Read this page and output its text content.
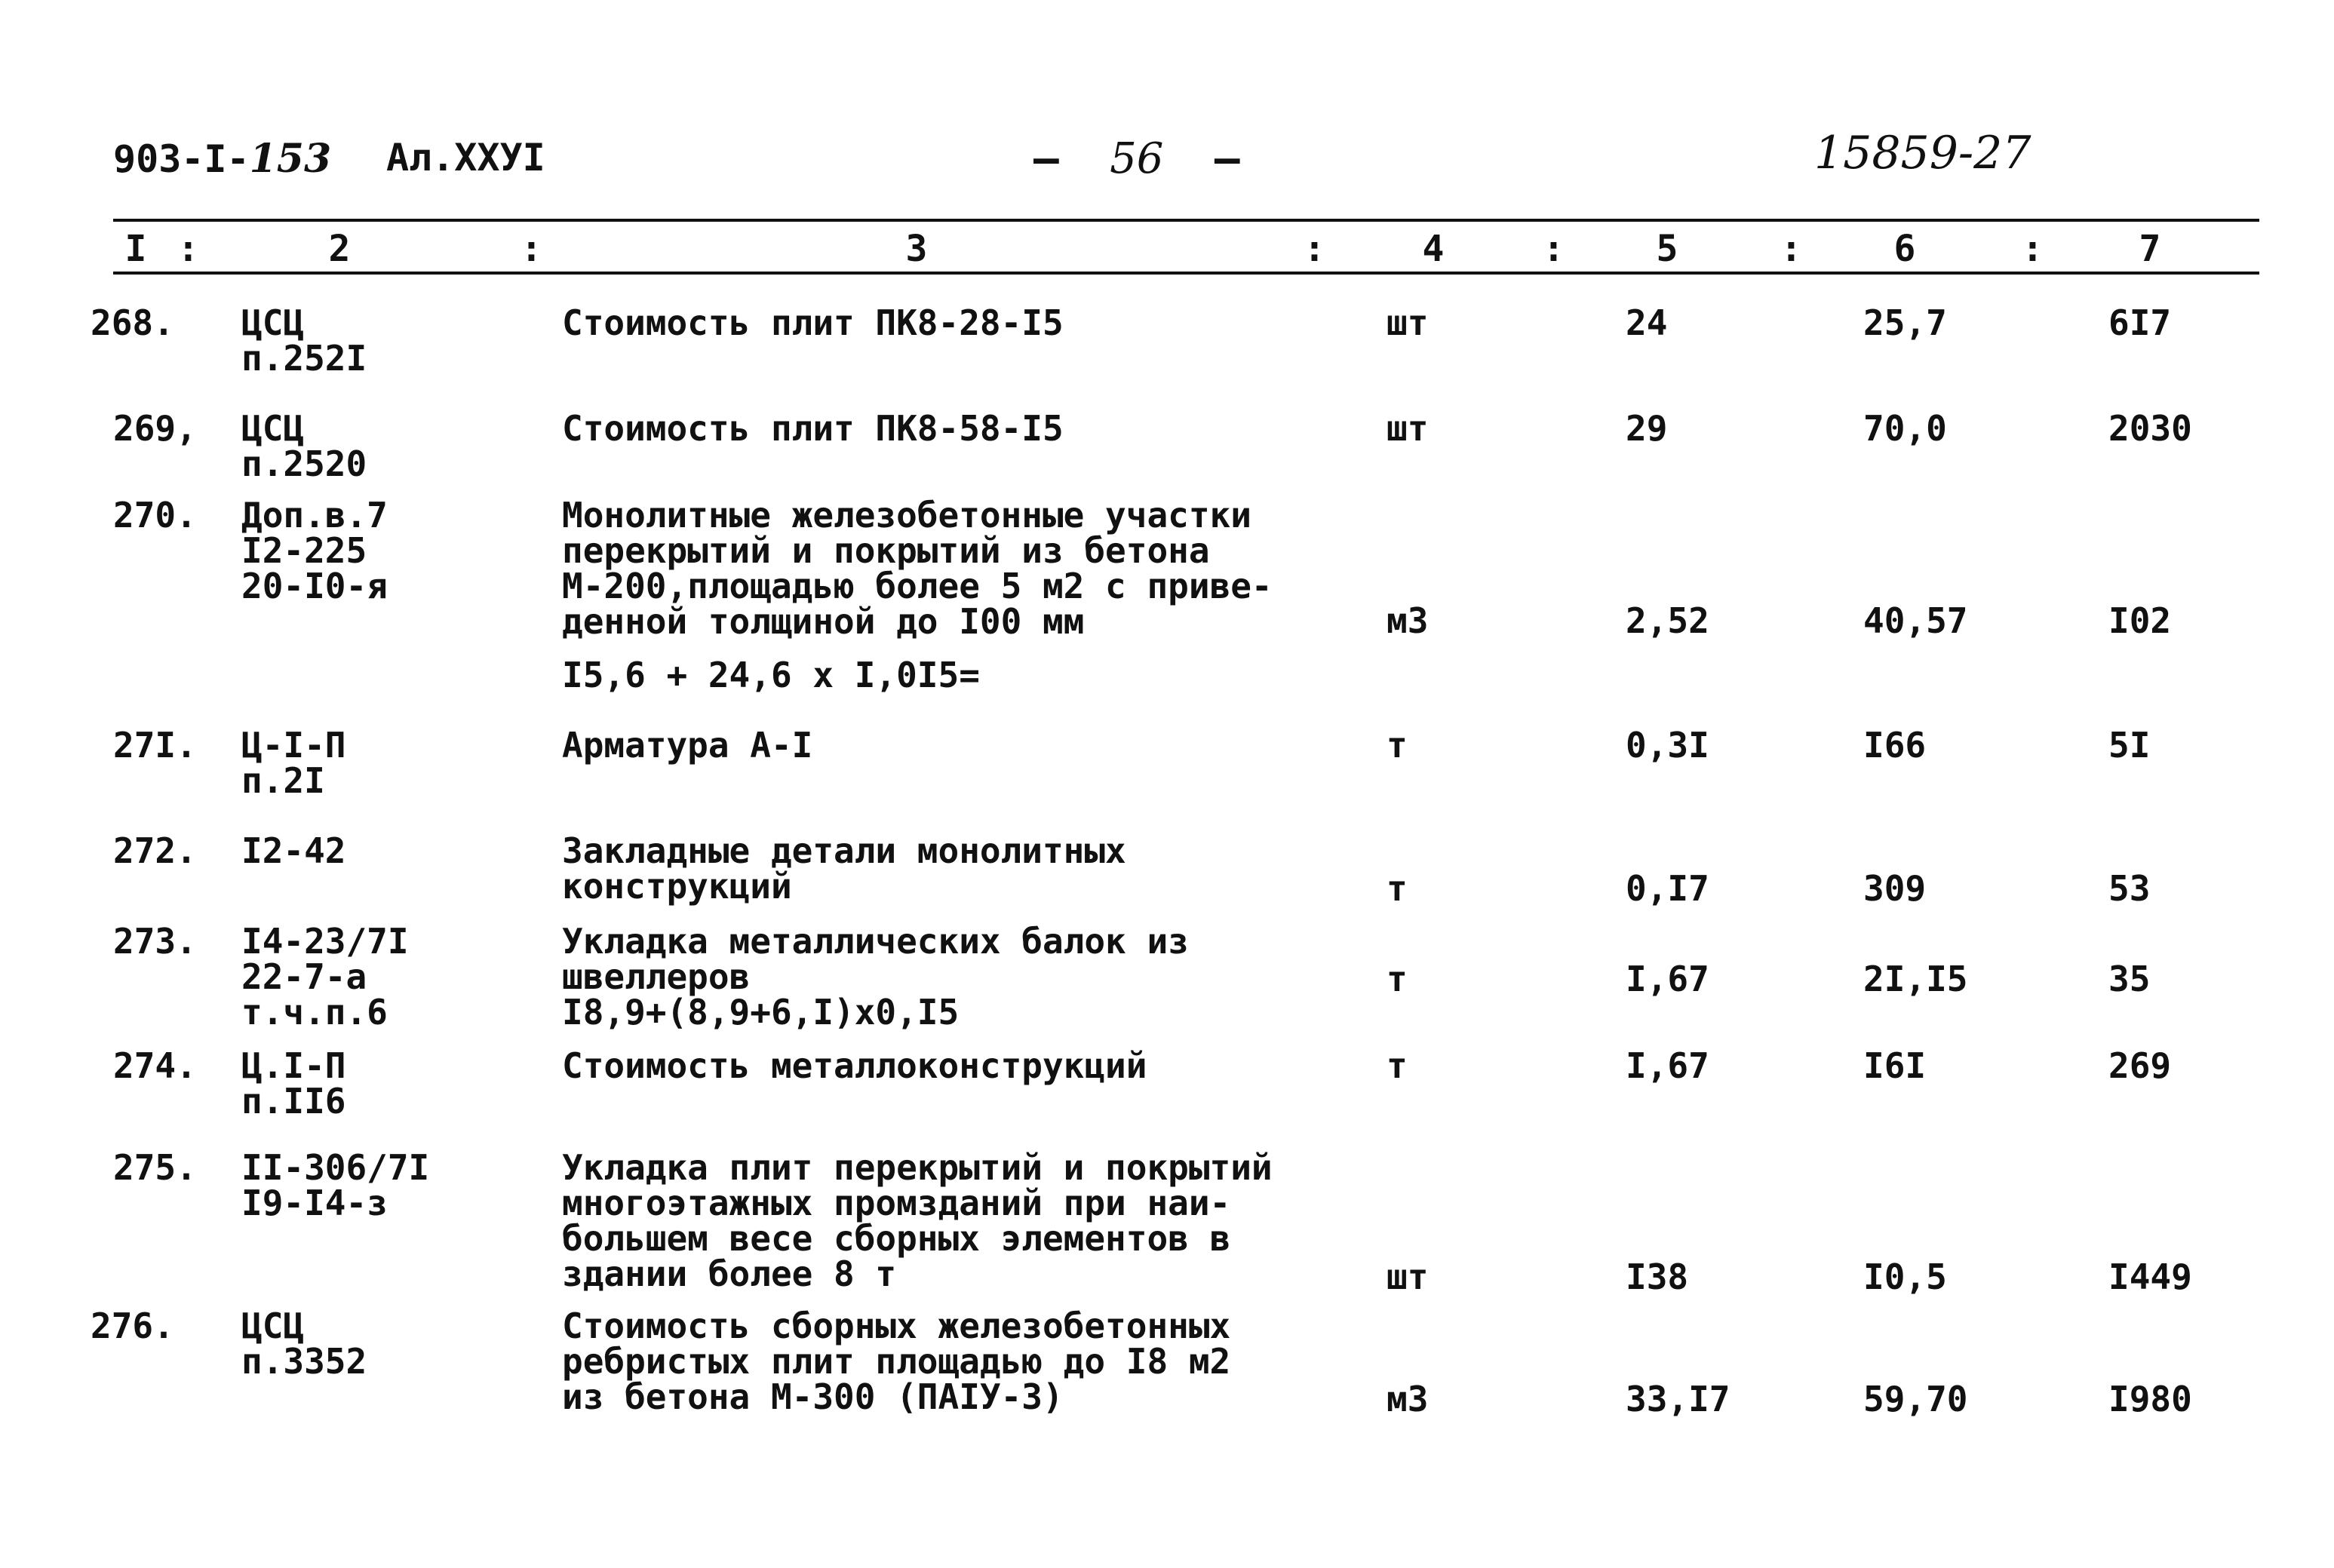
903-I-153 Ал.XXУI	–  56  –	15859-27
I :	2	:	3	:	4	:	5	:	6	:	7
268. ЦСЦ
п.252I
Стоимость плит ПК8-28-I5	шт	24	25,7	6I7
269, ЦСЦ
п.2520
Стоимость плит ПК8-58-I5	шт	29	70,0	2030
270. Доп.в.7
I2-225
20-I0-я
Монолитные железобетонные участки
перекрытий и покрытий из бетона
М-200,площадью более 5 м2 с приве-
денной толщиной до I00 мм
I5,6 + 24,6 х I,0I5=
м3	2,52	40,57	I02
27I. Ц-I-П
п.2I
Арматура А-I	т	0,3I	I66	5I
272. I2-42	Закладные детали монолитных
конструкций	т	0,I7	309	53
273. I4-23/7I
22-7-а
т.ч.п.6
Укладка металлических балок из
швеллеров
I8,9+(8,9+6,I)х0,I5
т	I,67	2I,I5	35
274. Ц.I-П
п.II6
Стоимость металлоконструкций	т	I,67	I6I	269
275. II-306/7I
I9-I4-з
Укладка плит перекрытий и покрытий
многоэтажных промзданий при наи-
большем весе сборных элементов в
здании более 8 т	шт	I38	I0,5	I449
276. ЦСЦ
п.3352
Стоимость сборных железобетонных
ребристых плит площадью до I8 м2
из бетона М-300 (ПАIУ-3)	м3	33,I7	59,70	I980
